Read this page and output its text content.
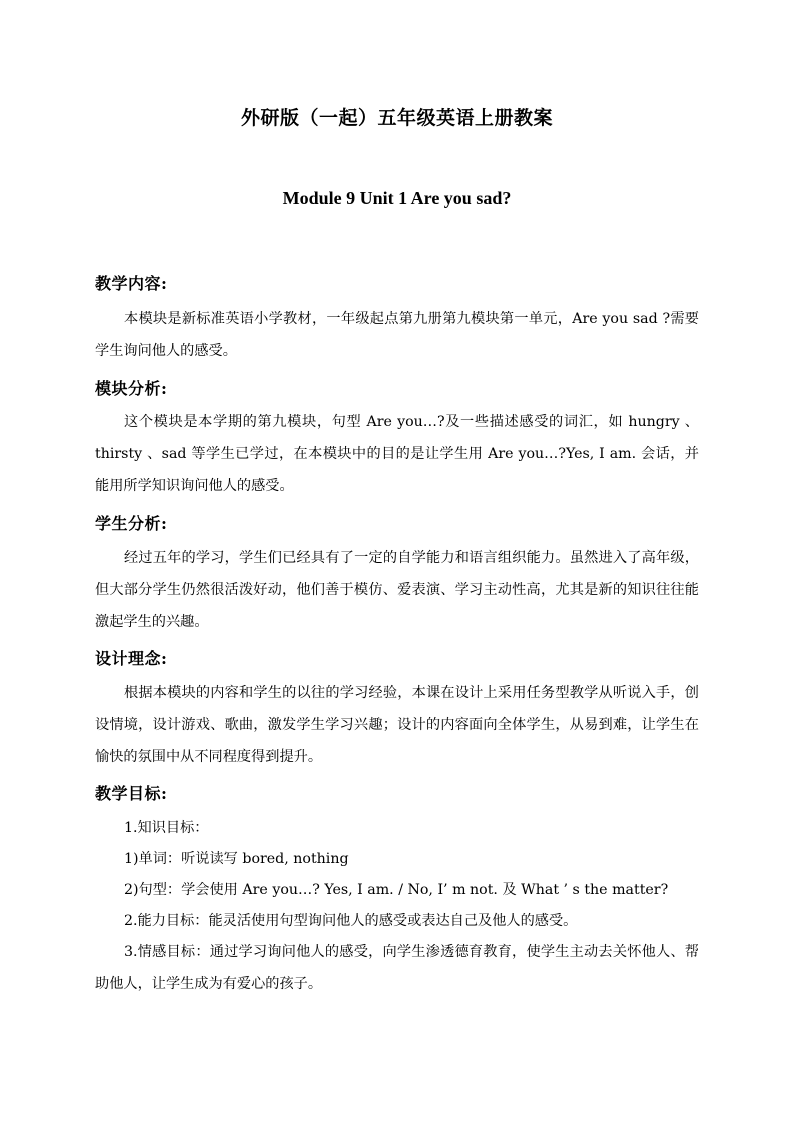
外研版（一起）五年级英语上册教案
Module 9 Unit 1 Are you sad?
教学内容:
本模块是新标准英语小学教材，一年级起点第九册第九模块第一单元，Are you sad ?需要学生询问他人的感受。
模块分析:
这个模块是本学期的第九模块，句型 Are you…?及一些描述感受的词汇，如 hungry 、thirsty 、sad 等学生已学过，在本模块中的目的是让学生用 Are you…?Yes, I am. 会话，并能用所学知识询问他人的感受。
学生分析:
经过五年的学习，学生们已经具有了一定的自学能力和语言组织能力。虽然进入了高年级，但大部分学生仍然很活泼好动，他们善于模仿、爱表演、学习主动性高，尤其是新的知识往往能激起学生的兴趣。
设计理念:
根据本模块的内容和学生的以往的学习经验，本课在设计上采用任务型教学从听说入手，创设情境，设计游戏、歌曲，激发学生学习兴趣；设计的内容面向全体学生，从易到难，让学生在愉快的氛围中从不同程度得到提升。
教学目标:
1.知识目标：
1)单词：听说读写 bored, nothing
2)句型：学会使用 Are you…? Yes, I am. / No, I’ m not. 及 What ’ s the matter?
2.能力目标：能灵活使用句型询问他人的感受或表达自己及他人的感受。
3.情感目标：通过学习询问他人的感受，向学生渗透德育教育，使学生主动去关怀他人、帮助他人，让学生成为有爱心的孩子。
